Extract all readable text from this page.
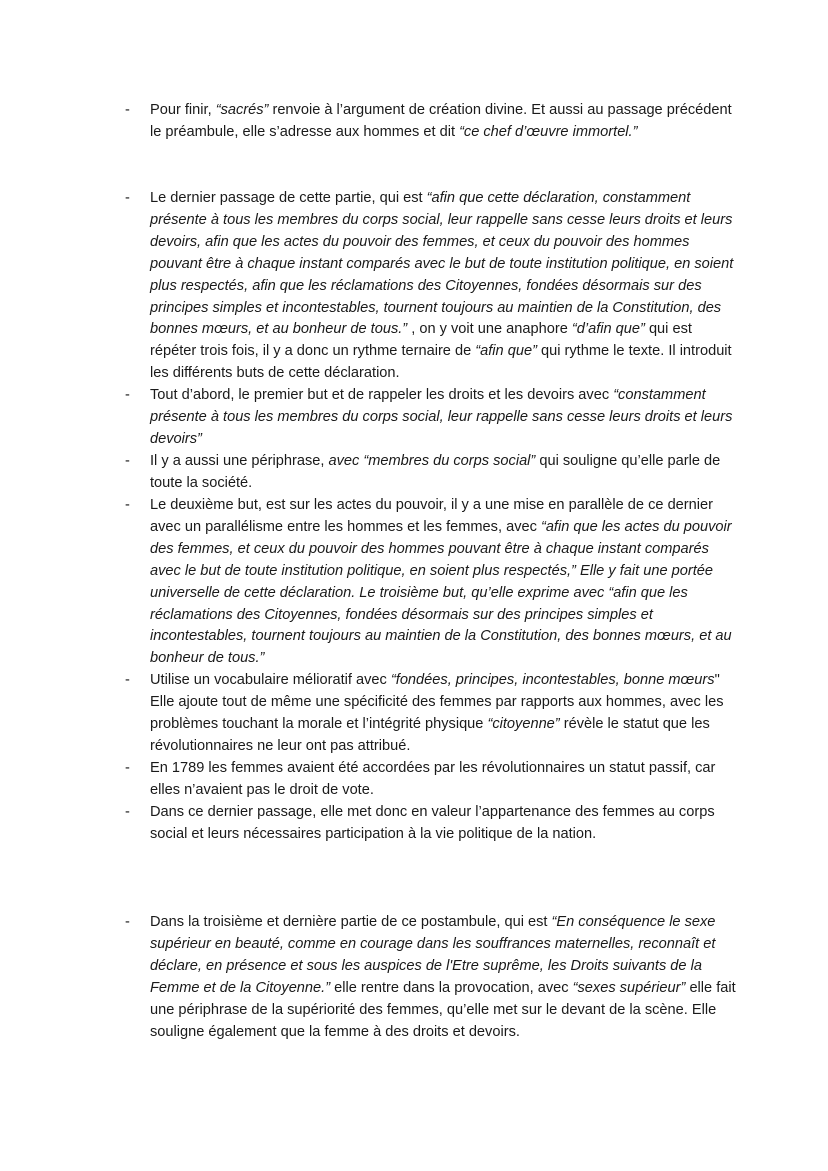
- Pour finir, “sacrés” renvoie à l’argument de création divine. Et aussi au passage précédent le préambule, elle s’adresse aux hommes et dit “ce chef d’œuvre immortel.”
- Le dernier passage de cette partie, qui est “afin que cette déclaration, constamment présente à tous les membres du corps social, leur rappelle sans cesse leurs droits et leurs devoirs, afin que les actes du pouvoir des femmes, et ceux du pouvoir des hommes pouvant être à chaque instant comparés avec le but de toute institution politique, en soient plus respectés, afin que les réclamations des Citoyennes, fondées désormais sur des principes simples et incontestables, tournent toujours au maintien de la Constitution, des bonnes mœurs, et au bonheur de tous.” , on y voit une anaphore “d’afin que” qui est répéter trois fois, il y a donc un rythme ternaire de “afin que” qui rythme le texte. Il introduit les différents buts de cette déclaration.
- Tout d’abord, le premier but et de rappeler les droits et les devoirs avec “constamment présente à tous les membres du corps social, leur rappelle sans cesse leurs droits et leurs devoirs”
- Il y a aussi une périphrase, avec “membres du corps social” qui souligne qu’elle parle de toute la société.
- Le deuxième but, est sur les actes du pouvoir, il y a une mise en parallèle de ce dernier avec un parallélisme entre les hommes et les femmes, avec “afin que les actes du pouvoir des femmes, et ceux du pouvoir des hommes pouvant être à chaque instant comparés avec le but de toute institution politique, en soient plus respectés,” Elle y fait une portée universelle de cette déclaration. Le troisième but, qu’elle exprime avec “afin que les réclamations des Citoyennes, fondées désormais sur des principes simples et incontestables, tournent toujours au maintien de la Constitution, des bonnes mœurs, et au bonheur de tous.”
- Utilise un vocabulaire mélioratif avec “fondées, principes, incontestables, bonne mœurs" Elle ajoute tout de même une spécificité des femmes par rapports aux hommes, avec les problèmes touchant la morale et l’intégrité physique “citoyenne” révèle le statut que les révolutionnaires ne leur ont pas attribué.
- En 1789 les femmes avaient été accordées par les révolutionnaires un statut passif, car elles n’avaient pas le droit de vote.
- Dans ce dernier passage, elle met donc en valeur l’appartenance des femmes au corps social et leurs nécessaires participation à la vie politique de la nation.
- Dans la troisième et dernière partie de ce postambule, qui est “En conséquence le sexe supérieur en beauté, comme en courage dans les souffrances maternelles, reconnaît et déclare, en présence et sous les auspices de l'Etre suprême, les Droits suivants de la Femme et de la Citoyenne.” elle rentre dans la provocation, avec “sexes supérieur” elle fait une périphrase de la supériorité des femmes, qu’elle met sur le devant de la scène. Elle souligne également que la femme à des droits et devoirs.
